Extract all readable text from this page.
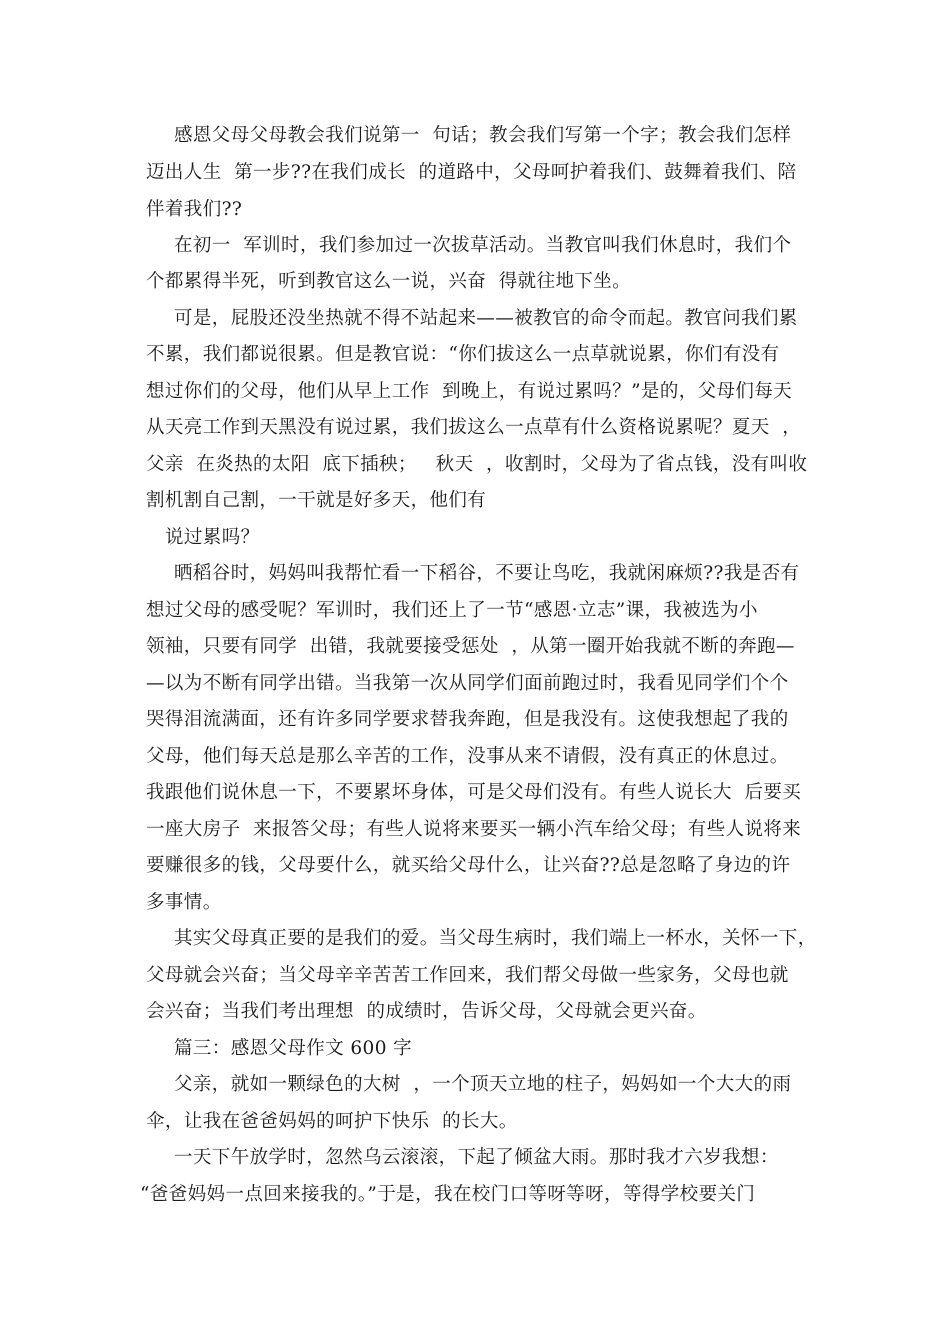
感恩父母父母教会我们说第一  句话；教会我们写第一个字；教会我们怎样
迈出人生  第一步??在我们成长  的道路中，父母呵护着我们、鼓舞着我们、陪
伴着我们??
在初一  军训时，我们参加过一次拔草活动。当教官叫我们休息时，我们个
个都累得半死，听到教官这么一说，兴奋  得就往地下坐。
可是，屁股还没坐热就不得不站起来——被教官的命令而起。教官问我们累
不累，我们都说很累。但是教官说：“你们拔这么一点草就说累，你们有没有
想过你们的父母，他们从早上工作  到晚上，有说过累吗？”是的，父母们每天
从天亮工作到天黑没有说过累，我们拔这么一点草有什么资格说累呢？夏天  ，
父亲  在炎热的太阳  底下插秧；   秋天  ，收割时，父母为了省点钱，没有叫收
割机割自己割，一干就是好多天，他们有
说过累吗？
晒稻谷时，妈妈叫我帮忙看一下稻谷，不要让鸟吃，我就闲麻烦??我是否有
想过父母的感受呢？军训时，我们还上了一节“感恩·立志”课，我被选为小
领袖，只要有同学  出错，我就要接受惩处  ，从第一圈开始我就不断的奔跑—
—以为不断有同学出错。当我第一次从同学们面前跑过时，我看见同学们个个
哭得泪流满面，还有许多同学要求替我奔跑，但是我没有。这使我想起了我的
父母，他们每天总是那么辛苦的工作，没事从来不请假，没有真正的休息过。
我跟他们说休息一下，不要累坏身体，可是父母们没有。有些人说长大  后要买
一座大房子  来报答父母；有些人说将来要买一辆小汽车给父母；有些人说将来
要赚很多的钱，父母要什么，就买给父母什么，让兴奋??总是忽略了身边的许
多事情。
其实父母真正要的是我们的爱。当父母生病时，我们端上一杯水，关怀一下，
父母就会兴奋；当父母辛辛苦苦工作回来，我们帮父母做一些家务，父母也就
会兴奋；当我们考出理想  的成绩时，告诉父母，父母就会更兴奋。
篇三：感恩父母作文 600 字
父亲，就如一颗绿色的大树  ，一个顶天立地的柱子，妈妈如一个大大的雨
伞，让我在爸爸妈妈的呵护下快乐  的长大。
一天下午放学时，忽然乌云滚滚，下起了倾盆大雨。那时我才六岁我想：
“爸爸妈妈一点回来接我的。”于是，我在校门口等呀等呀，等得学校要关门
